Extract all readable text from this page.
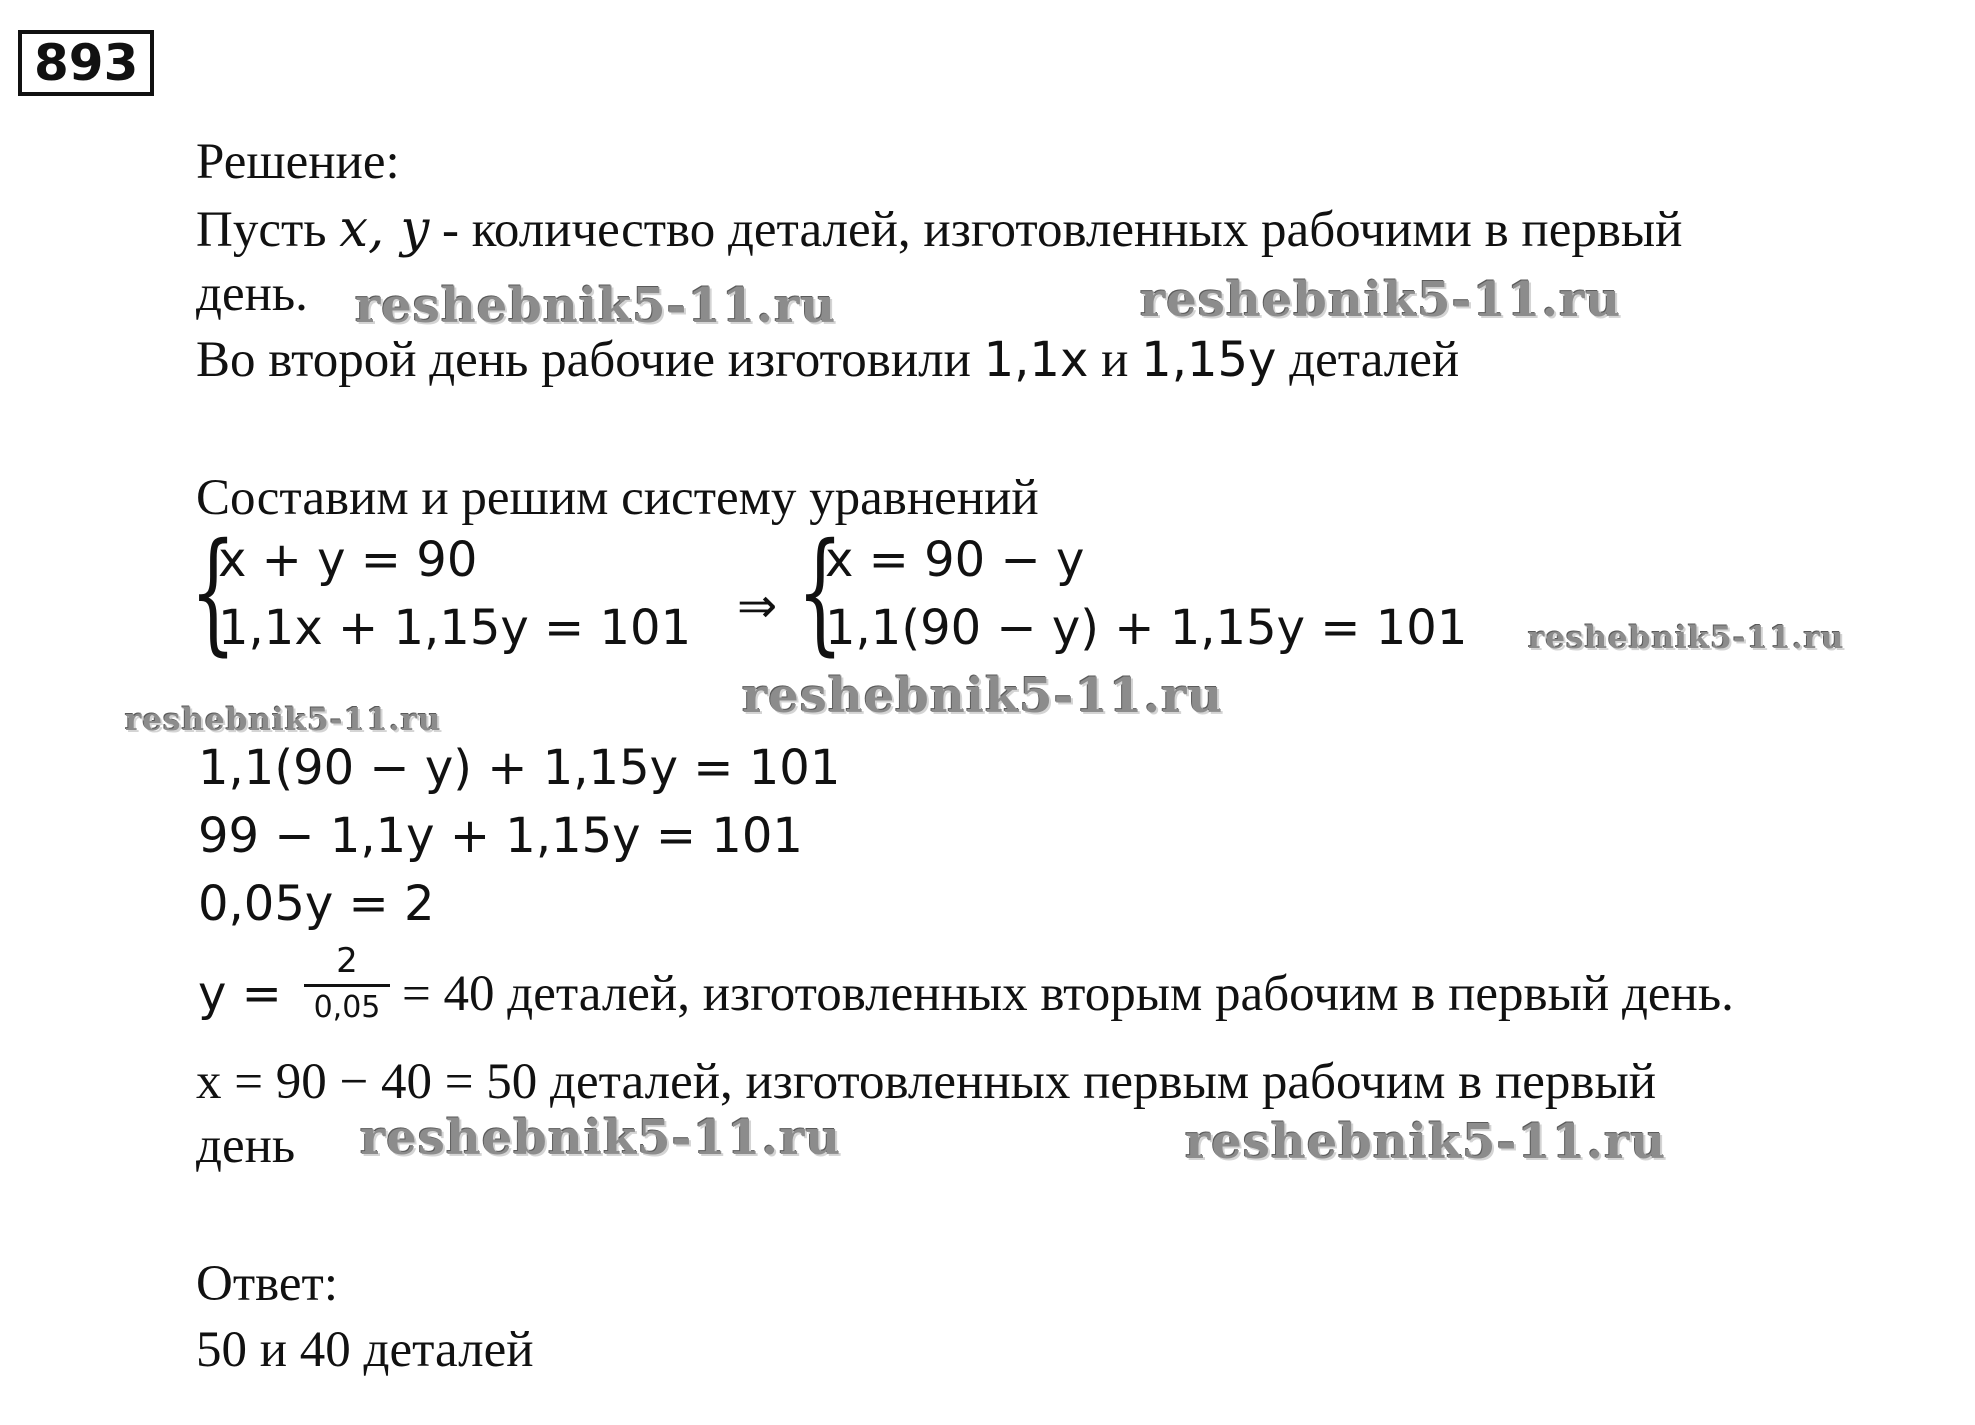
893
Решение:
Пусть x, y - количество деталей, изготовленных рабочими в первый
день.
Во второй день рабочие изготовили 1,1x и 1,15y деталей
Составим и решим систему уравнений
{
x + y = 90
1,1x + 1,15y = 101 ⇒ {
x = 90 − y
1,1(90 − y) + 1,15y = 101
1,1(90 − y) + 1,15y = 101
99 − 1,1y + 1,15y = 101
0,05y = 2
y =
2
0,05 = 40 деталей, изготовленных вторым рабочим в первый день.
x = 90 − 40 = 50 деталей, изготовленных первым рабочим в первый
день
Ответ:
50 и 40 деталей
reshebnik5-11.ru	reshebnik5-11.ru
reshebnik5-11.ru
reshebnik5-11.ru
reshebnik5-11.ru
reshebnik5-11.ru	reshebnik5-11.ru
